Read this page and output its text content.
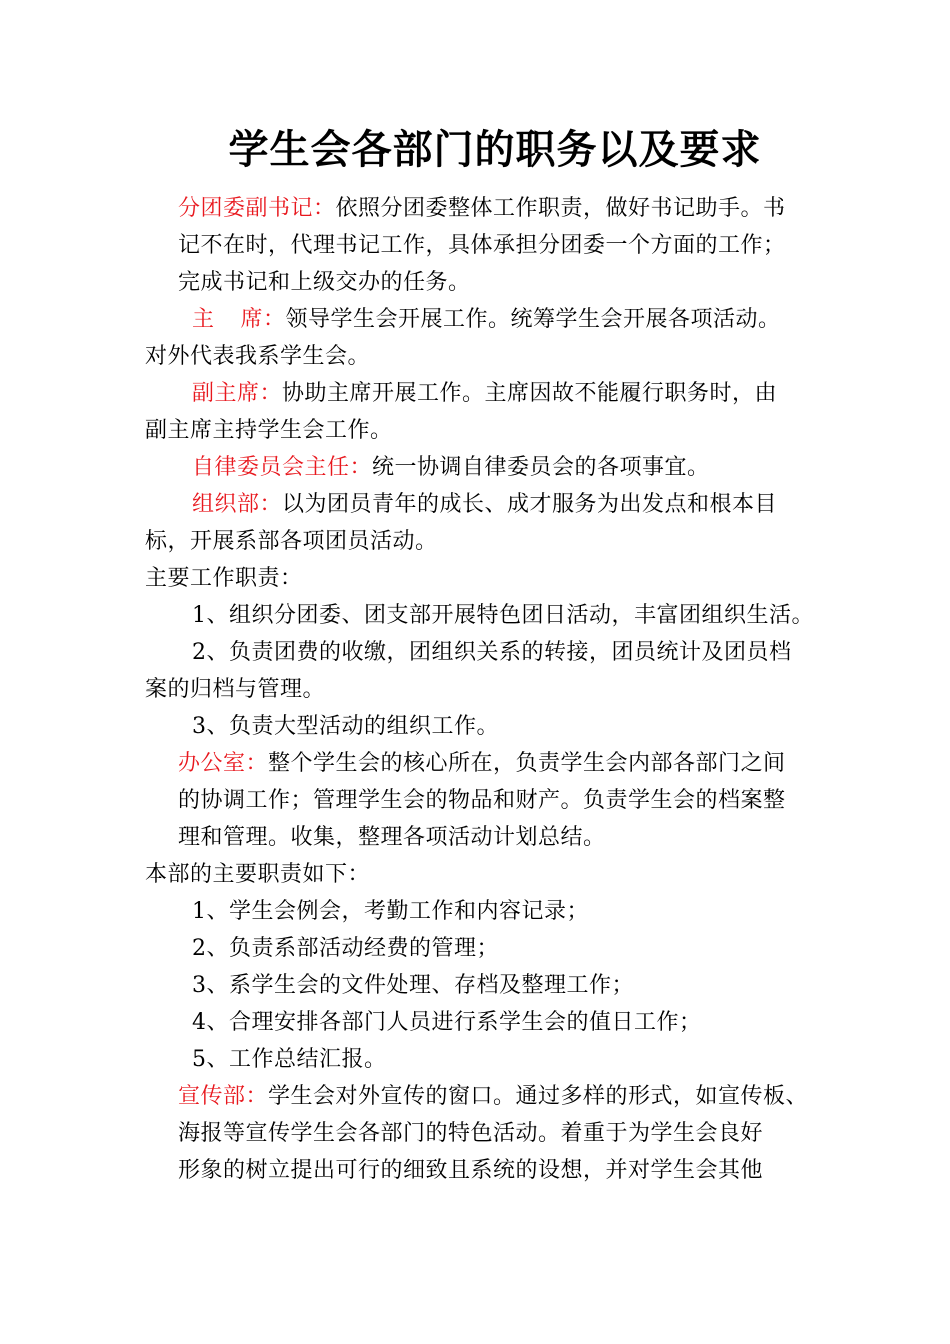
学生会各部门的职务以及要求
分团委副书记：依照分团委整体工作职责，做好书记助手。书
记不在时，代理书记工作，具体承担分团委一个方面的工作；
完成书记和上级交办的任务。
主 席：领导学生会开展工作。统筹学生会开展各项活动。
对外代表我系学生会。
副主席：协助主席开展工作。主席因故不能履行职务时，由
副主席主持学生会工作。
自律委员会主任：统一协调自律委员会的各项事宜。
组织部：以为团员青年的成长、成才服务为出发点和根本目
标，开展系部各项团员活动。
主要工作职责：
1、组织分团委、团支部开展特色团日活动，丰富团组织生活。
2、负责团费的收缴，团组织关系的转接，团员统计及团员档
案的归档与管理。
3、负责大型活动的组织工作。
办公室：整个学生会的核心所在，负责学生会内部各部门之间
的协调工作；管理学生会的物品和财产。负责学生会的档案整
理和管理。收集，整理各项活动计划总结。
本部的主要职责如下：
1、学生会例会，考勤工作和内容记录；
2、负责系部活动经费的管理；
3、系学生会的文件处理、存档及整理工作；
4、合理安排各部门人员进行系学生会的值日工作；
5、工作总结汇报。
宣传部：学生会对外宣传的窗口。通过多样的形式，如宣传板、
海报等宣传学生会各部门的特色活动。着重于为学生会良好
形象的树立提出可行的细致且系统的设想，并对学生会其他
